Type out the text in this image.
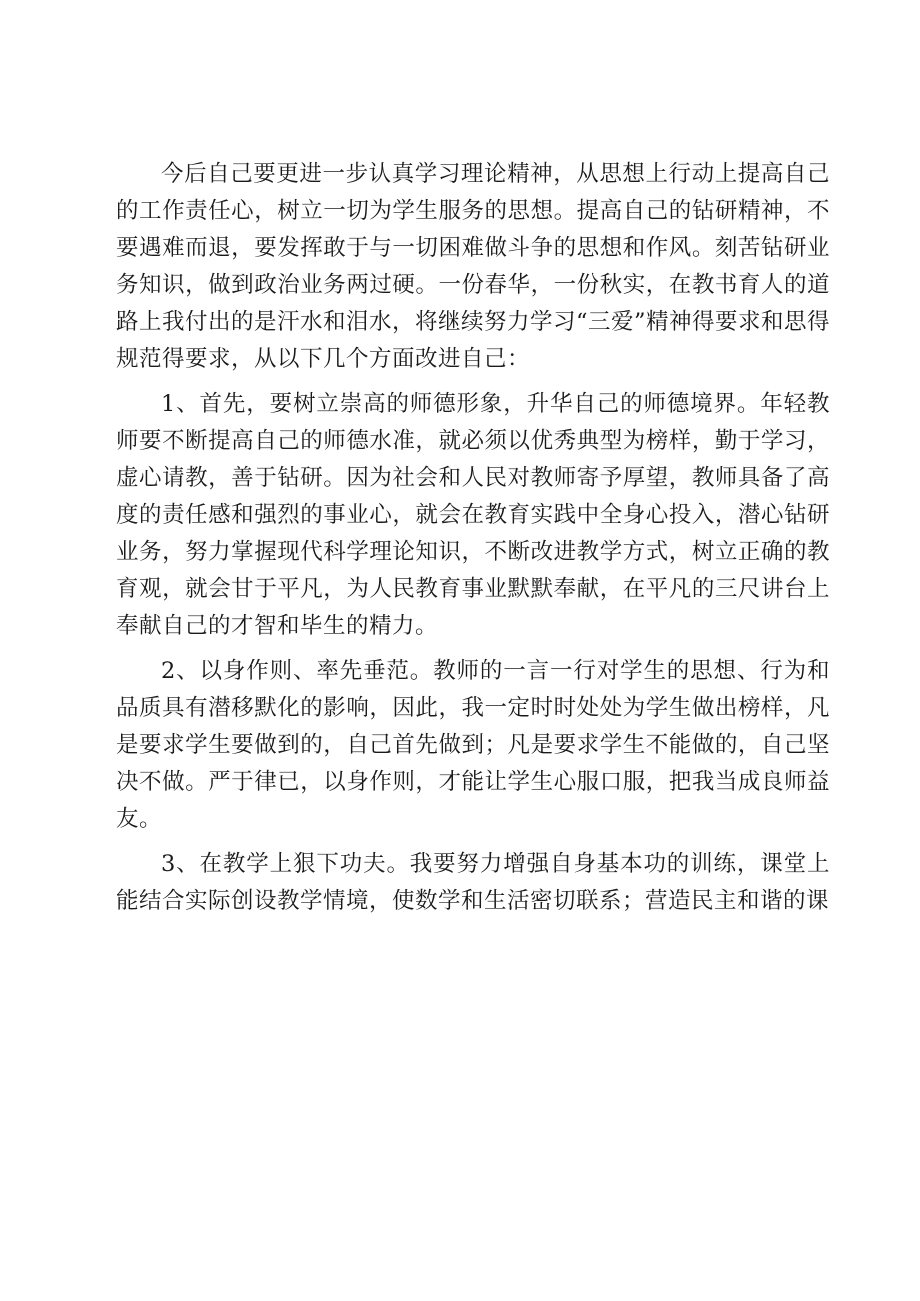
今后自己要更进一步认真学习理论精神，从思想上行动上提高自己的工作责任心，树立一切为学生服务的思想。提高自己的钻研精神，不要遇难而退，要发挥敢于与一切困难做斗争的思想和作风。刻苦钻研业务知识，做到政治业务两过硬。一份春华，一份秋实，在教书育人的道路上我付出的是汗水和泪水，将继续努力学习“三爱”精神得要求和思得规范得要求，从以下几个方面改进自己：

1、首先，要树立崇高的师德形象，升华自己的师德境界。年轻教师要不断提高自己的师德水准，就必须以优秀典型为榜样，勤于学习，虚心请教，善于钻研。因为社会和人民对教师寄予厚望，教师具备了高度的责任感和强烈的事业心，就会在教育实践中全身心投入，潜心钻研业务，努力掌握现代科学理论知识，不断改进教学方式，树立正确的教育观，就会甘于平凡，为人民教育事业默默奉献，在平凡的三尺讲台上奉献自己的才智和毕生的精力。

2、以身作则、率先垂范。教师的一言一行对学生的思想、行为和品质具有潜移默化的影响，因此，我一定时时处处为学生做出榜样，凡是要求学生要做到的，自己首先做到；凡是要求学生不能做的，自己坚决不做。严于律已，以身作则，才能让学生心服口服，把我当成良师益友。

3、在教学上狠下功夫。我要努力增强自身基本功的训练，课堂上能结合实际创设教学情境，使数学和生活密切联系；营造民主和谐的课
